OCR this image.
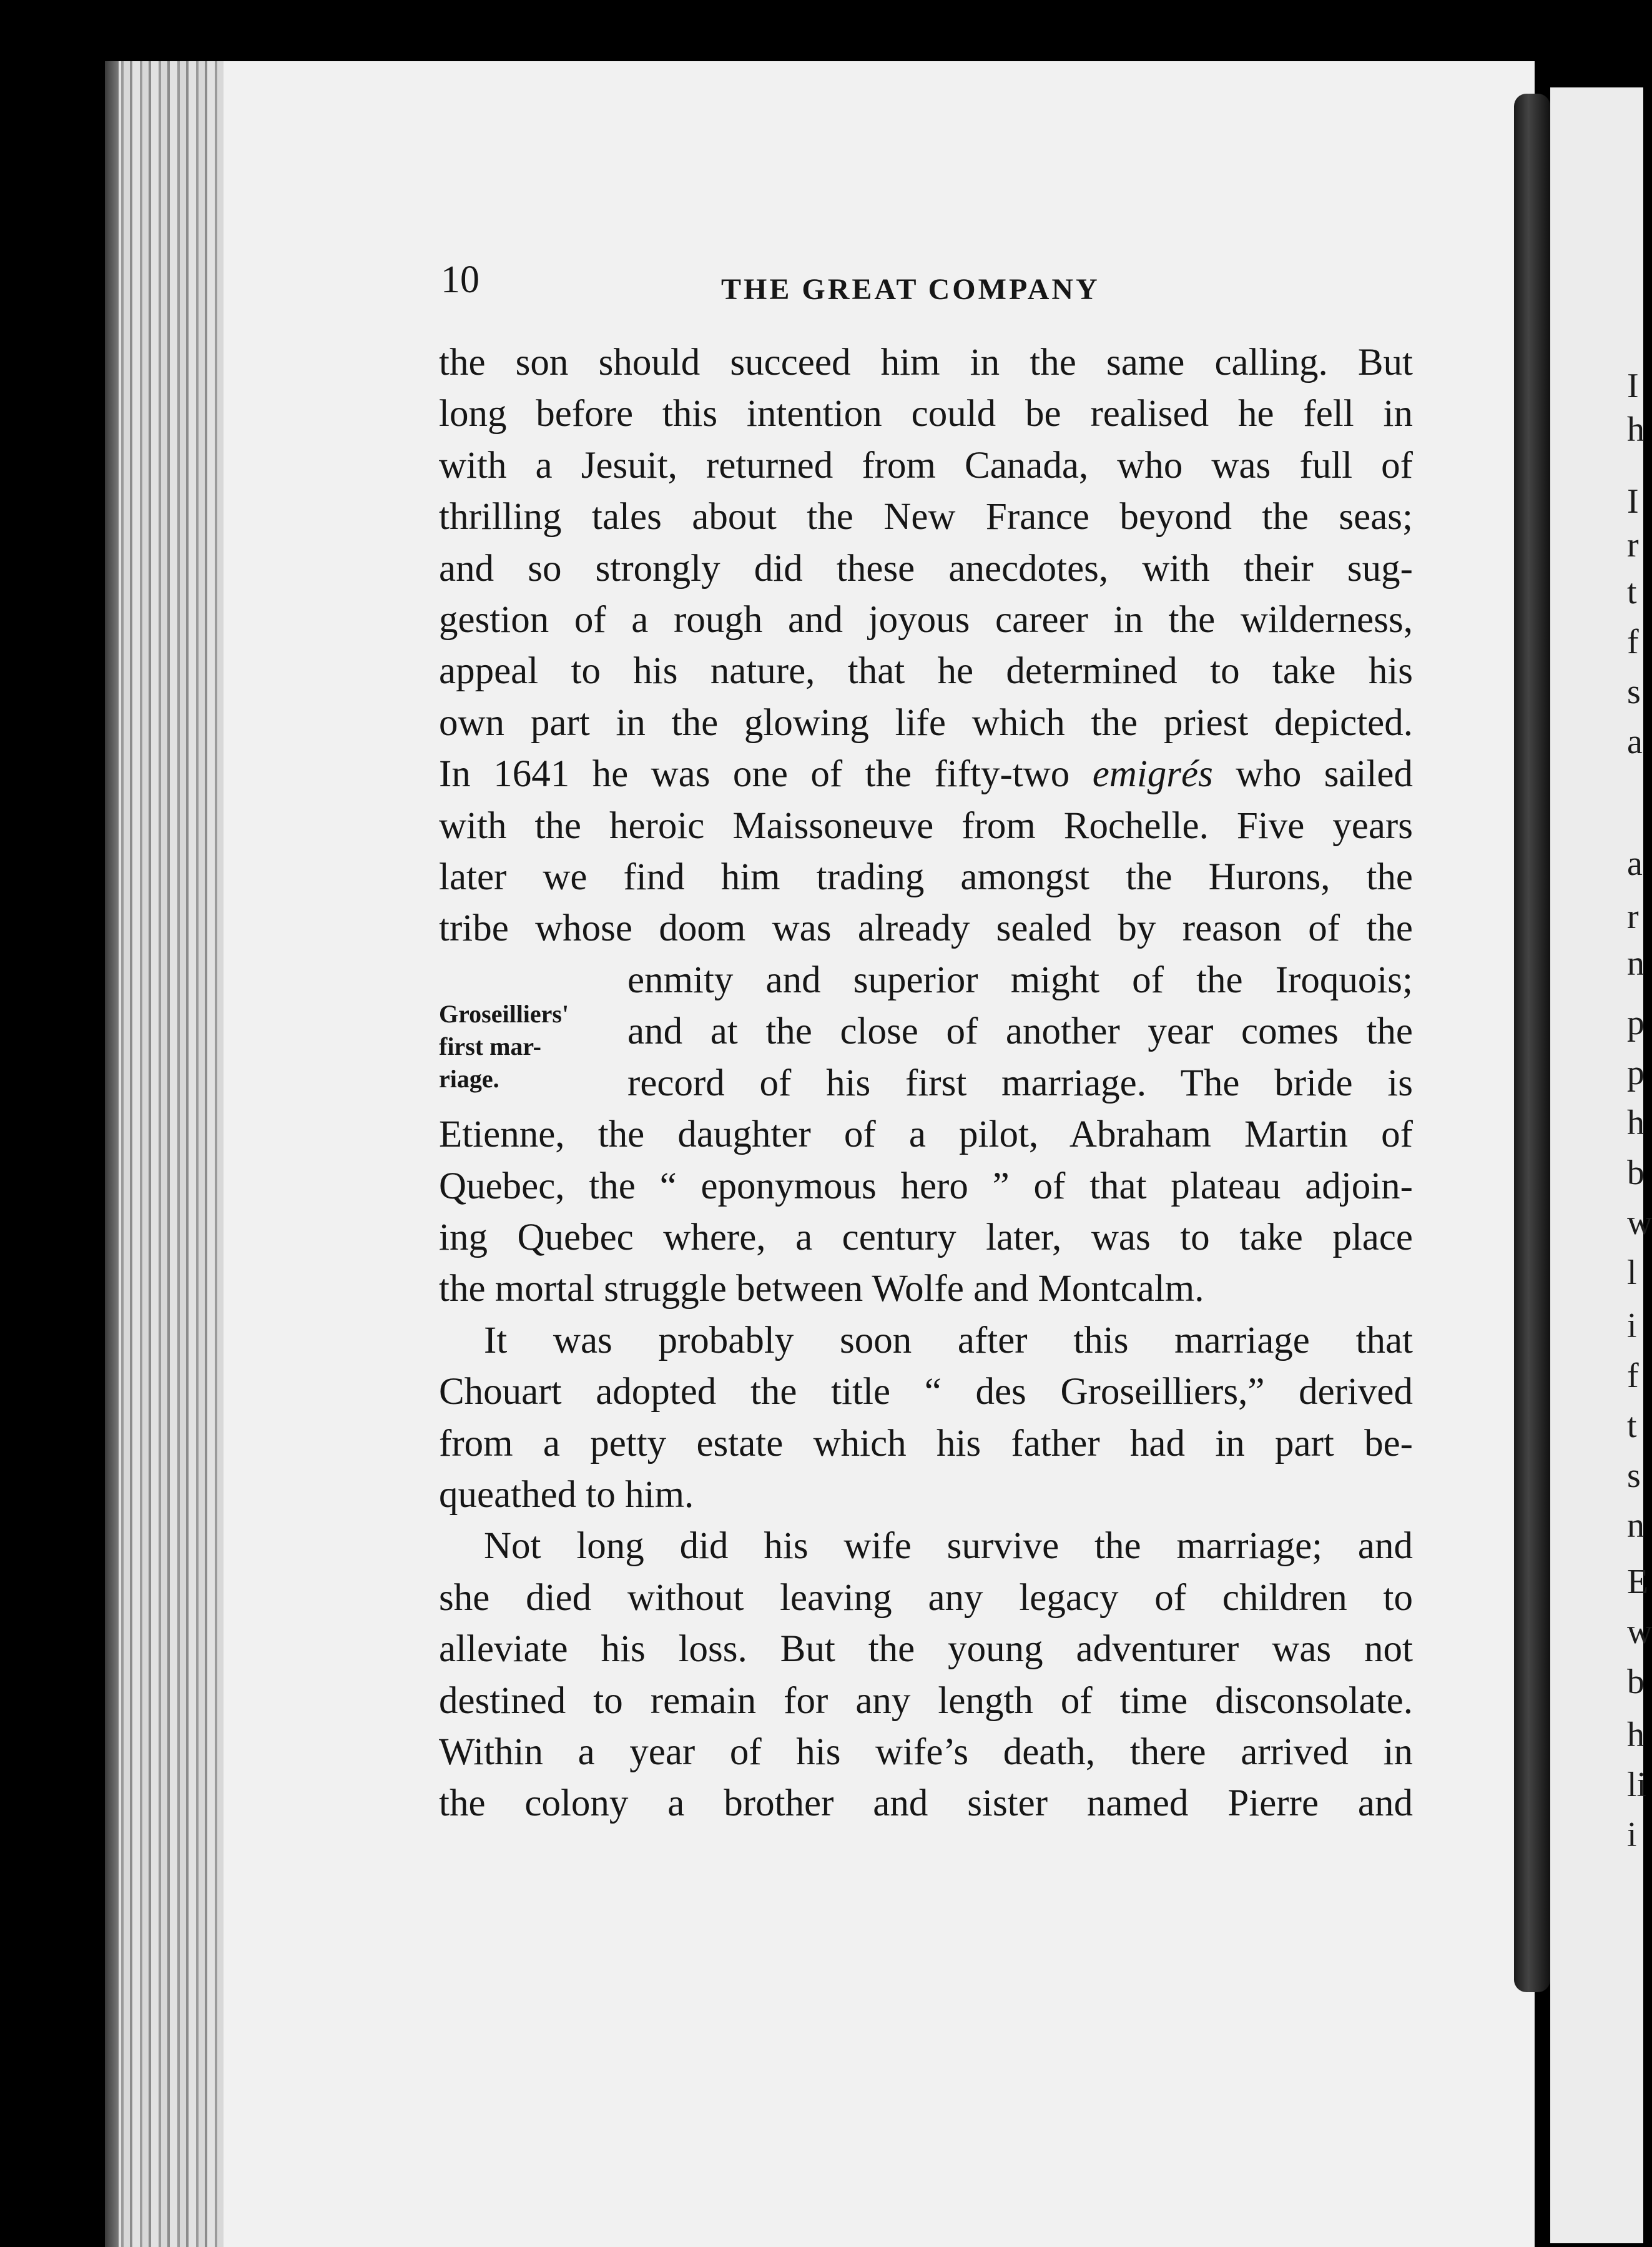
10	THE GREAT COMPANY
Groseilliers'
first mar-
riage.
the son should succeed him in the same calling. But
long before this intention could be realised he fell in
with a Jesuit, returned from Canada, who was full of
thrilling tales about the New France beyond the seas;
and so strongly did these anecdotes, with their sug-
gestion of a rough and joyous career in the wilderness,
appeal to his nature, that he determined to take his
own part in the glowing life which the priest depicted.
In 1641 he was one of the fifty-two emigrés who sailed
with the heroic Maissoneuve from Rochelle. Five years
later we find him trading amongst the Hurons, the
tribe whose doom was already sealed by reason of the
enmity and superior might of the Iroquois;
and at the close of another year comes the
record of his first marriage. The bride is
Etienne, the daughter of a pilot, Abraham Martin of
Quebec, the “ eponymous hero ” of that plateau adjoin-
ing Quebec where, a century later, was to take place
the mortal struggle between Wolfe and Montcalm.
It was probably soon after this marriage that
Chouart adopted the title “ des Groseilliers,” derived
from a petty estate which his father had in part be-
queathed to him.
Not long did his wife survive the marriage; and
she died without leaving any legacy of children to
alleviate his loss. But the young adventurer was not
destined to remain for any length of time disconsolate.
Within a year of his wife’s death, there arrived in
the colony a brother and sister named Pierre and
I
h
I
r
t
f
s
a
a
r
n
p
p
h
b
w
l
i
f
t
s
n
E
w
b
h
li
i
